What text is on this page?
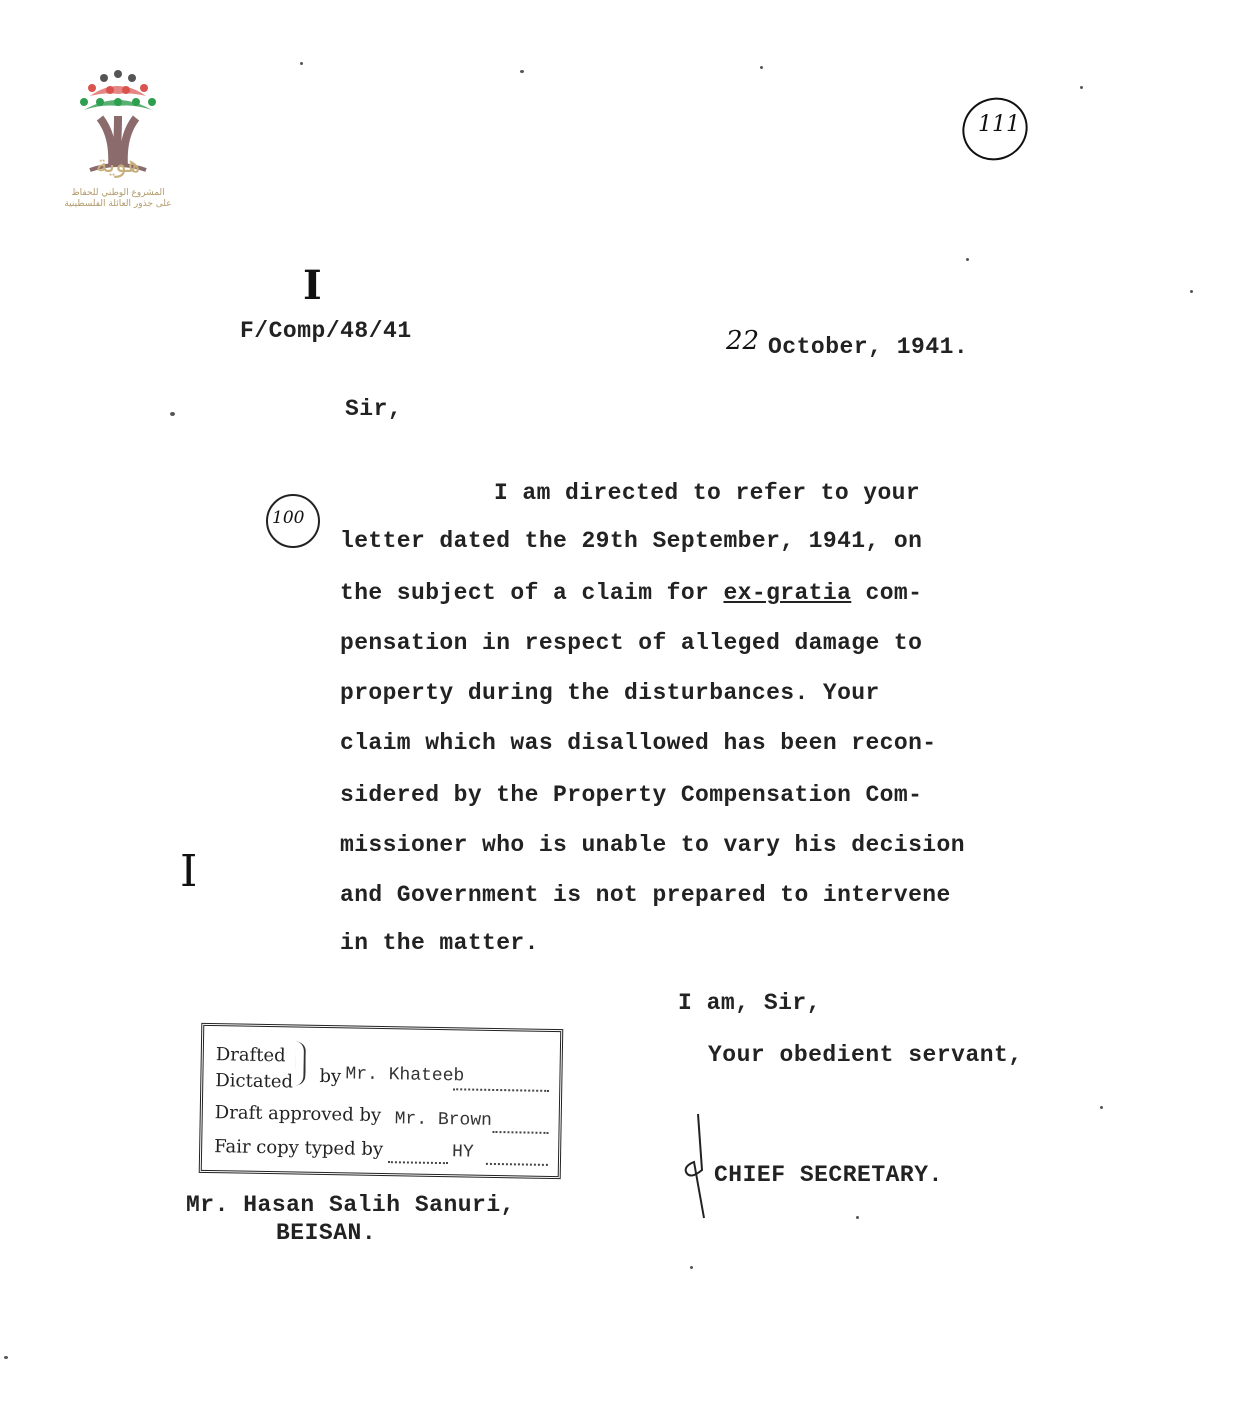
هوية
المشروع الوطني للحفاظ على جذور العائلة الفلسطينية
111
I
I
F/Comp/48/41	22 October, 1941.
Sir,
100
I am directed to refer to your
letter dated the 29th September, 1941, on
the subject of a claim for ex-gratia com-
pensation in respect of alleged damage to
property during the disturbances. Your
claim which was disallowed has been recon-
sidered by the Property Compensation Com-
missioner who is unable to vary his decision
and Government is not prepared to intervene
in the matter.
I am, Sir,
Your obedient servant,
CHIEF SECRETARY.
Drafted
Dictated by Mr. Khateeb
Draft approved by Mr. Brown
Fair copy typed by	HY
Mr. Hasan Salih Sanuri,
BEISAN.
